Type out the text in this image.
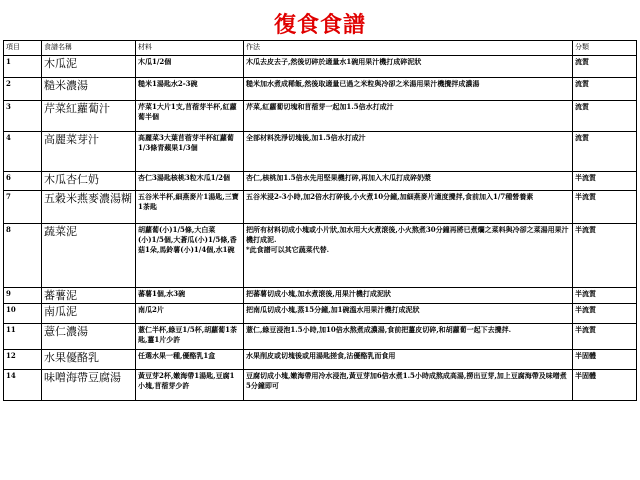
復食食譜
項目	食譜名稱	材料	作法	分類
1	木瓜泥	木瓜1/2個	木瓜去皮去子,然後切碎於適量水1碗用果汁機打成碎泥狀	流質
2	糙米濃湯	糙米1湯匙水2-3碗	糙米加水煮成稀飯,然後取適量已過之米粒與冷卻之米湯用果汁機攪拌成濃湯	流質
3	芹菜紅蘿蔔汁	芹菜1大片1支,苜蓿芽半杯,紅蘿蔔半個	芹菜,紅蘿蔔切塊和苜蓿芽一起加1.5倍水打成汁	流質
4	高麗菜芽汁	高麗菜3大葉苜蓿芽半杯紅蘿蔔1/3條青蘋果1/3個	全部材料洗淨切塊後,加1.5倍水打成汁	流質
6	木瓜杏仁奶	杏仁3湯匙核桃3粒木瓜1/2個	杏仁,核桃加1.5倍水先用堅果機打碎,再加入木瓜打成碎奶漿	半流質
7	五穀米燕麥濃湯糊	五谷米半杯,細燕麥片1湯匙,三寶1茶匙	五谷米浸2-3小時,加2倍水打碎後,小火煮10分鐘,加細燕麥片適度攪拌,食前加入1/7種營養素	半流質
8	蔬菜泥	胡蘿蔔(小)1/5條,大白菜(小)1/5個,大蒼瓜(小)1/5條,香菇1朵,馬鈴薯(小)1/4個,水1碗	把所有材料切成小塊或小片狀,加水用大火煮滾後,小火熬煮30分鐘再將已煮爛之菜料與冷卻之菜湯用果汁機打成泥.
*此食譜可以其它蔬菜代替.	半流質
9	蕃薯泥	蕃薯1個,水3碗	把蕃薯切成小塊,加水煮滾後,用果汁機打成泥狀	半流質
10	南瓜泥	南瓜2片	把南瓜切成小塊,蒸15分鐘,加1碗溫水用果汁機打成泥狀	半流質
11	薏仁濃湯	薏仁半杯,綠豆1/5杯,胡蘿蔔1茶匙,薑1片少許	薏仁,綠豆浸泡1.5小時,加10倍水熬煮成濃湯,食前把薑皮切碎,和胡蘿蔔一起下去攪拌.	半流質
12	水果優酪乳	任選水果一種,優酪乳1盒	水果削皮或切塊後或用湯匙搓食,沾優酪乳而食用	半固體
14	味噌海帶豆腐湯	黃豆芽2杯,嫩海帶1湯匙,豆腐1小塊,苜蓿芽少許	豆腐切成小塊,嫩海帶用冷水浸泡,黃豆芽加6倍水煮1.5小時成熬成高湯,撈出豆芽,加上豆腐海帶及味噌煮5分鐘即可	半固體
